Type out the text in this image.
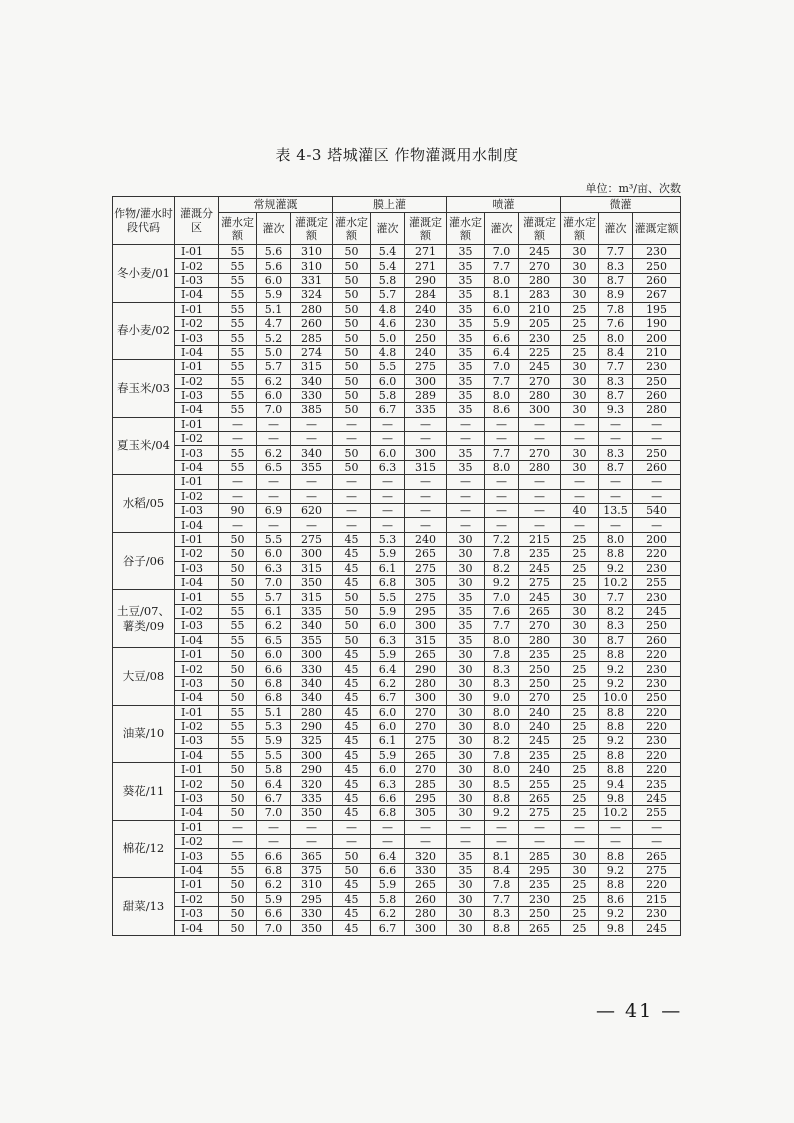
表 4-3 塔城灌区 作物灌溉用水制度
单位：m³/亩、次数
作物/灌水时段代码	灌溉分区	常规灌溉			膜上灌			喷灌			微灌		
		灌水定额	灌次	灌溉定额	灌水定额	灌次	灌溉定额	灌水定额	灌次	灌溉定额	灌水定额	灌次	灌溉定额
冬小麦/01	Ⅰ-01	55	5.6	310	50	5.4	271	35	7.0	245	30	7.7	230
	Ⅰ-02	55	5.6	310	50	5.4	271	35	7.7	270	30	8.3	250
	Ⅰ-03	55	6.0	331	50	5.8	290	35	8.0	280	30	8.7	260
	Ⅰ-04	55	5.9	324	50	5.7	284	35	8.1	283	30	8.9	267
春小麦/02	Ⅰ-01	55	5.1	280	50	4.8	240	35	6.0	210	25	7.8	195
	Ⅰ-02	55	4.7	260	50	4.6	230	35	5.9	205	25	7.6	190
	Ⅰ-03	55	5.2	285	50	5.0	250	35	6.6	230	25	8.0	200
	Ⅰ-04	55	5.0	274	50	4.8	240	35	6.4	225	25	8.4	210
春玉米/03	Ⅰ-01	55	5.7	315	50	5.5	275	35	7.0	245	30	7.7	230
	Ⅰ-02	55	6.2	340	50	6.0	300	35	7.7	270	30	8.3	250
	Ⅰ-03	55	6.0	330	50	5.8	289	35	8.0	280	30	8.7	260
	Ⅰ-04	55	7.0	385	50	6.7	335	35	8.6	300	30	9.3	280
夏玉米/04	Ⅰ-01	—	—	—	—	—	—	—	—	—	—	—	—
	Ⅰ-02	—	—	—	—	—	—	—	—	—	—	—	—
	Ⅰ-03	55	6.2	340	50	6.0	300	35	7.7	270	30	8.3	250
	Ⅰ-04	55	6.5	355	50	6.3	315	35	8.0	280	30	8.7	260
水稻/05	Ⅰ-01	—	—	—	—	—	—	—	—	—	—	—	—
	Ⅰ-02	—	—	—	—	—	—	—	—	—	—	—	—
	Ⅰ-03	90	6.9	620	—	—	—	—	—	—	40	13.5	540
	Ⅰ-04	—	—	—	—	—	—	—	—	—	—	—	—
谷子/06	Ⅰ-01	50	5.5	275	45	5.3	240	30	7.2	215	25	8.0	200
	Ⅰ-02	50	6.0	300	45	5.9	265	30	7.8	235	25	8.8	220
	Ⅰ-03	50	6.3	315	45	6.1	275	30	8.2	245	25	9.2	230
	Ⅰ-04	50	7.0	350	45	6.8	305	30	9.2	275	25	10.2	255
土豆/07、薯类/09	Ⅰ-01	55	5.7	315	50	5.5	275	35	7.0	245	30	7.7	230
	Ⅰ-02	55	6.1	335	50	5.9	295	35	7.6	265	30	8.2	245
	Ⅰ-03	55	6.2	340	50	6.0	300	35	7.7	270	30	8.3	250
	Ⅰ-04	55	6.5	355	50	6.3	315	35	8.0	280	30	8.7	260
大豆/08	Ⅰ-01	50	6.0	300	45	5.9	265	30	7.8	235	25	8.8	220
	Ⅰ-02	50	6.6	330	45	6.4	290	30	8.3	250	25	9.2	230
	Ⅰ-03	50	6.8	340	45	6.2	280	30	8.3	250	25	9.2	230
	Ⅰ-04	50	6.8	340	45	6.7	300	30	9.0	270	25	10.0	250
油菜/10	Ⅰ-01	55	5.1	280	45	6.0	270	30	8.0	240	25	8.8	220
	Ⅰ-02	55	5.3	290	45	6.0	270	30	8.0	240	25	8.8	220
	Ⅰ-03	55	5.9	325	45	6.1	275	30	8.2	245	25	9.2	230
	Ⅰ-04	55	5.5	300	45	5.9	265	30	7.8	235	25	8.8	220
葵花/11	Ⅰ-01	50	5.8	290	45	6.0	270	30	8.0	240	25	8.8	220
	Ⅰ-02	50	6.4	320	45	6.3	285	30	8.5	255	25	9.4	235
	Ⅰ-03	50	6.7	335	45	6.6	295	30	8.8	265	25	9.8	245
	Ⅰ-04	50	7.0	350	45	6.8	305	30	9.2	275	25	10.2	255
棉花/12	Ⅰ-01	—	—	—	—	—	—	—	—	—	—	—	—
	Ⅰ-02	—	—	—	—	—	—	—	—	—	—	—	—
	Ⅰ-03	55	6.6	365	50	6.4	320	35	8.1	285	30	8.8	265
	Ⅰ-04	55	6.8	375	50	6.6	330	35	8.4	295	30	9.2	275
甜菜/13	Ⅰ-01	50	6.2	310	45	5.9	265	30	7.8	235	25	8.8	220
	Ⅰ-02	50	5.9	295	45	5.8	260	30	7.7	230	25	8.6	215
	Ⅰ-03	50	6.6	330	45	6.2	280	30	8.3	250	25	9.2	230
	Ⅰ-04	50	7.0	350	45	6.7	300	30	8.8	265	25	9.8	245
— 41 —
